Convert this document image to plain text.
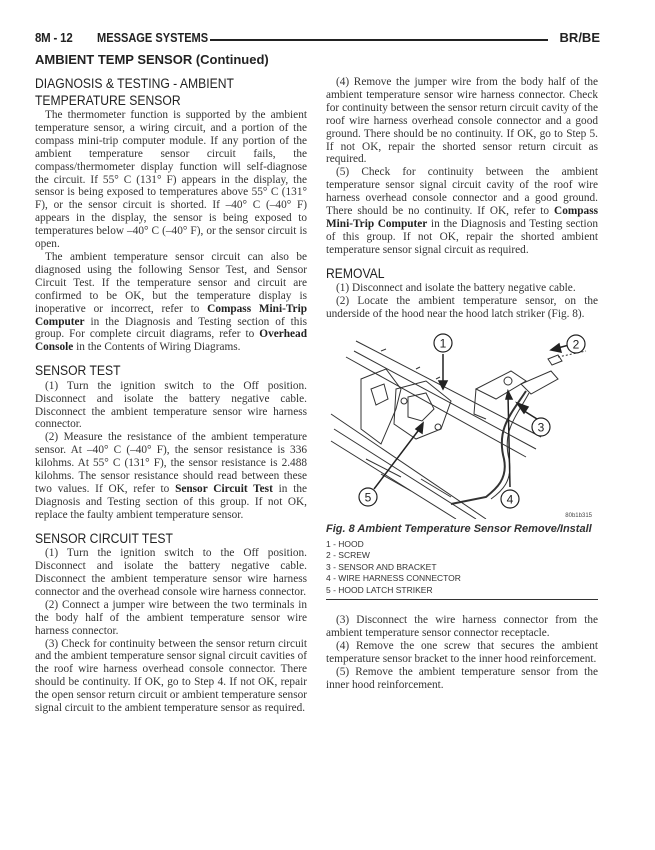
8M - 12 MESSAGE SYSTEMS	BR/BE
AMBIENT TEMP SENSOR (Continued)
DIAGNOSIS & TESTING - AMBIENT
TEMPERATURE SENSOR

The thermometer function is supported by the ambient temperature sensor, a wiring circuit, and a portion of the compass mini-trip computer module. If any portion of the ambient temperature sensor circuit fails, the compass/thermometer display function will self-diagnose the circuit. If 55° C (131° F) appears in the display, the sensor is being exposed to temperatures above 55° C (131° F), or the sensor circuit is shorted. If –40° C (–40° F) appears in the display, the sensor is being exposed to temperatures below –40° C (–40° F), or the sensor circuit is open.

The ambient temperature sensor circuit can also be diagnosed using the following Sensor Test, and Sensor Circuit Test. If the temperature sensor and circuit are confirmed to be OK, but the temperature display is inoperative or incorrect, refer to Compass Mini-Trip Computer in the Diagnosis and Testing section of this group. For complete circuit diagrams, refer to Overhead Console in the Contents of Wiring Diagrams.

SENSOR TEST

(1) Turn the ignition switch to the Off position. Disconnect and isolate the battery negative cable. Disconnect the ambient temperature sensor wire harness connector.

(2) Measure the resistance of the ambient temperature sensor. At –40° C (–40° F), the sensor resistance is 336 kilohms. At 55° C (131° F), the sensor resistance is 2.488 kilohms. The sensor resistance should read between these two values. If OK, refer to Sensor Circuit Test in the Diagnosis and Testing section of this group. If not OK, replace the faulty ambient temperature sensor.

SENSOR CIRCUIT TEST

(1) Turn the ignition switch to the Off position. Disconnect and isolate the battery negative cable. Disconnect the ambient temperature sensor wire harness connector and the overhead console wire harness connector.

(2) Connect a jumper wire between the two terminals in the body half of the ambient temperature sensor wire harness connector.

(3) Check for continuity between the sensor return circuit and the ambient temperature sensor signal circuit cavities of the roof wire harness overhead console connector. There should be continuity. If OK, go to Step 4. If not OK, repair the open sensor return circuit or ambient temperature sensor signal circuit to the ambient temperature sensor as required.

(4) Remove the jumper wire from the body half of the ambient temperature sensor wire harness connector. Check for continuity between the sensor return circuit cavity of the roof wire harness overhead console connector and a good ground. There should be no continuity. If OK, go to Step 5. If not OK, repair the shorted sensor return circuit as required.

(5) Check for continuity between the ambient temperature sensor signal circuit cavity of the roof wire harness overhead console connector and a good ground. There should be no continuity. If OK, refer to Compass Mini-Trip Computer in the Diagnosis and Testing section of this group. If not OK, repair the shorted ambient temperature sensor signal circuit as required.

REMOVAL

(1) Disconnect and isolate the battery negative cable.

(2) Locate the ambient temperature sensor, on the underside of the hood near the hood latch striker (Fig. 8).

1	2
3
4
5
80b1b315
Fig. 8 Ambient Temperature Sensor Remove/Install
1 - HOOD
2 - SCREW
3 - SENSOR AND BRACKET
4 - WIRE HARNESS CONNECTOR
5 - HOOD LATCH STRIKER

(3) Disconnect the wire harness connector from the ambient temperature sensor connector receptacle.

(4) Remove the one screw that secures the ambient temperature sensor bracket to the inner hood reinforcement.

(5) Remove the ambient temperature sensor from the inner hood reinforcement.
